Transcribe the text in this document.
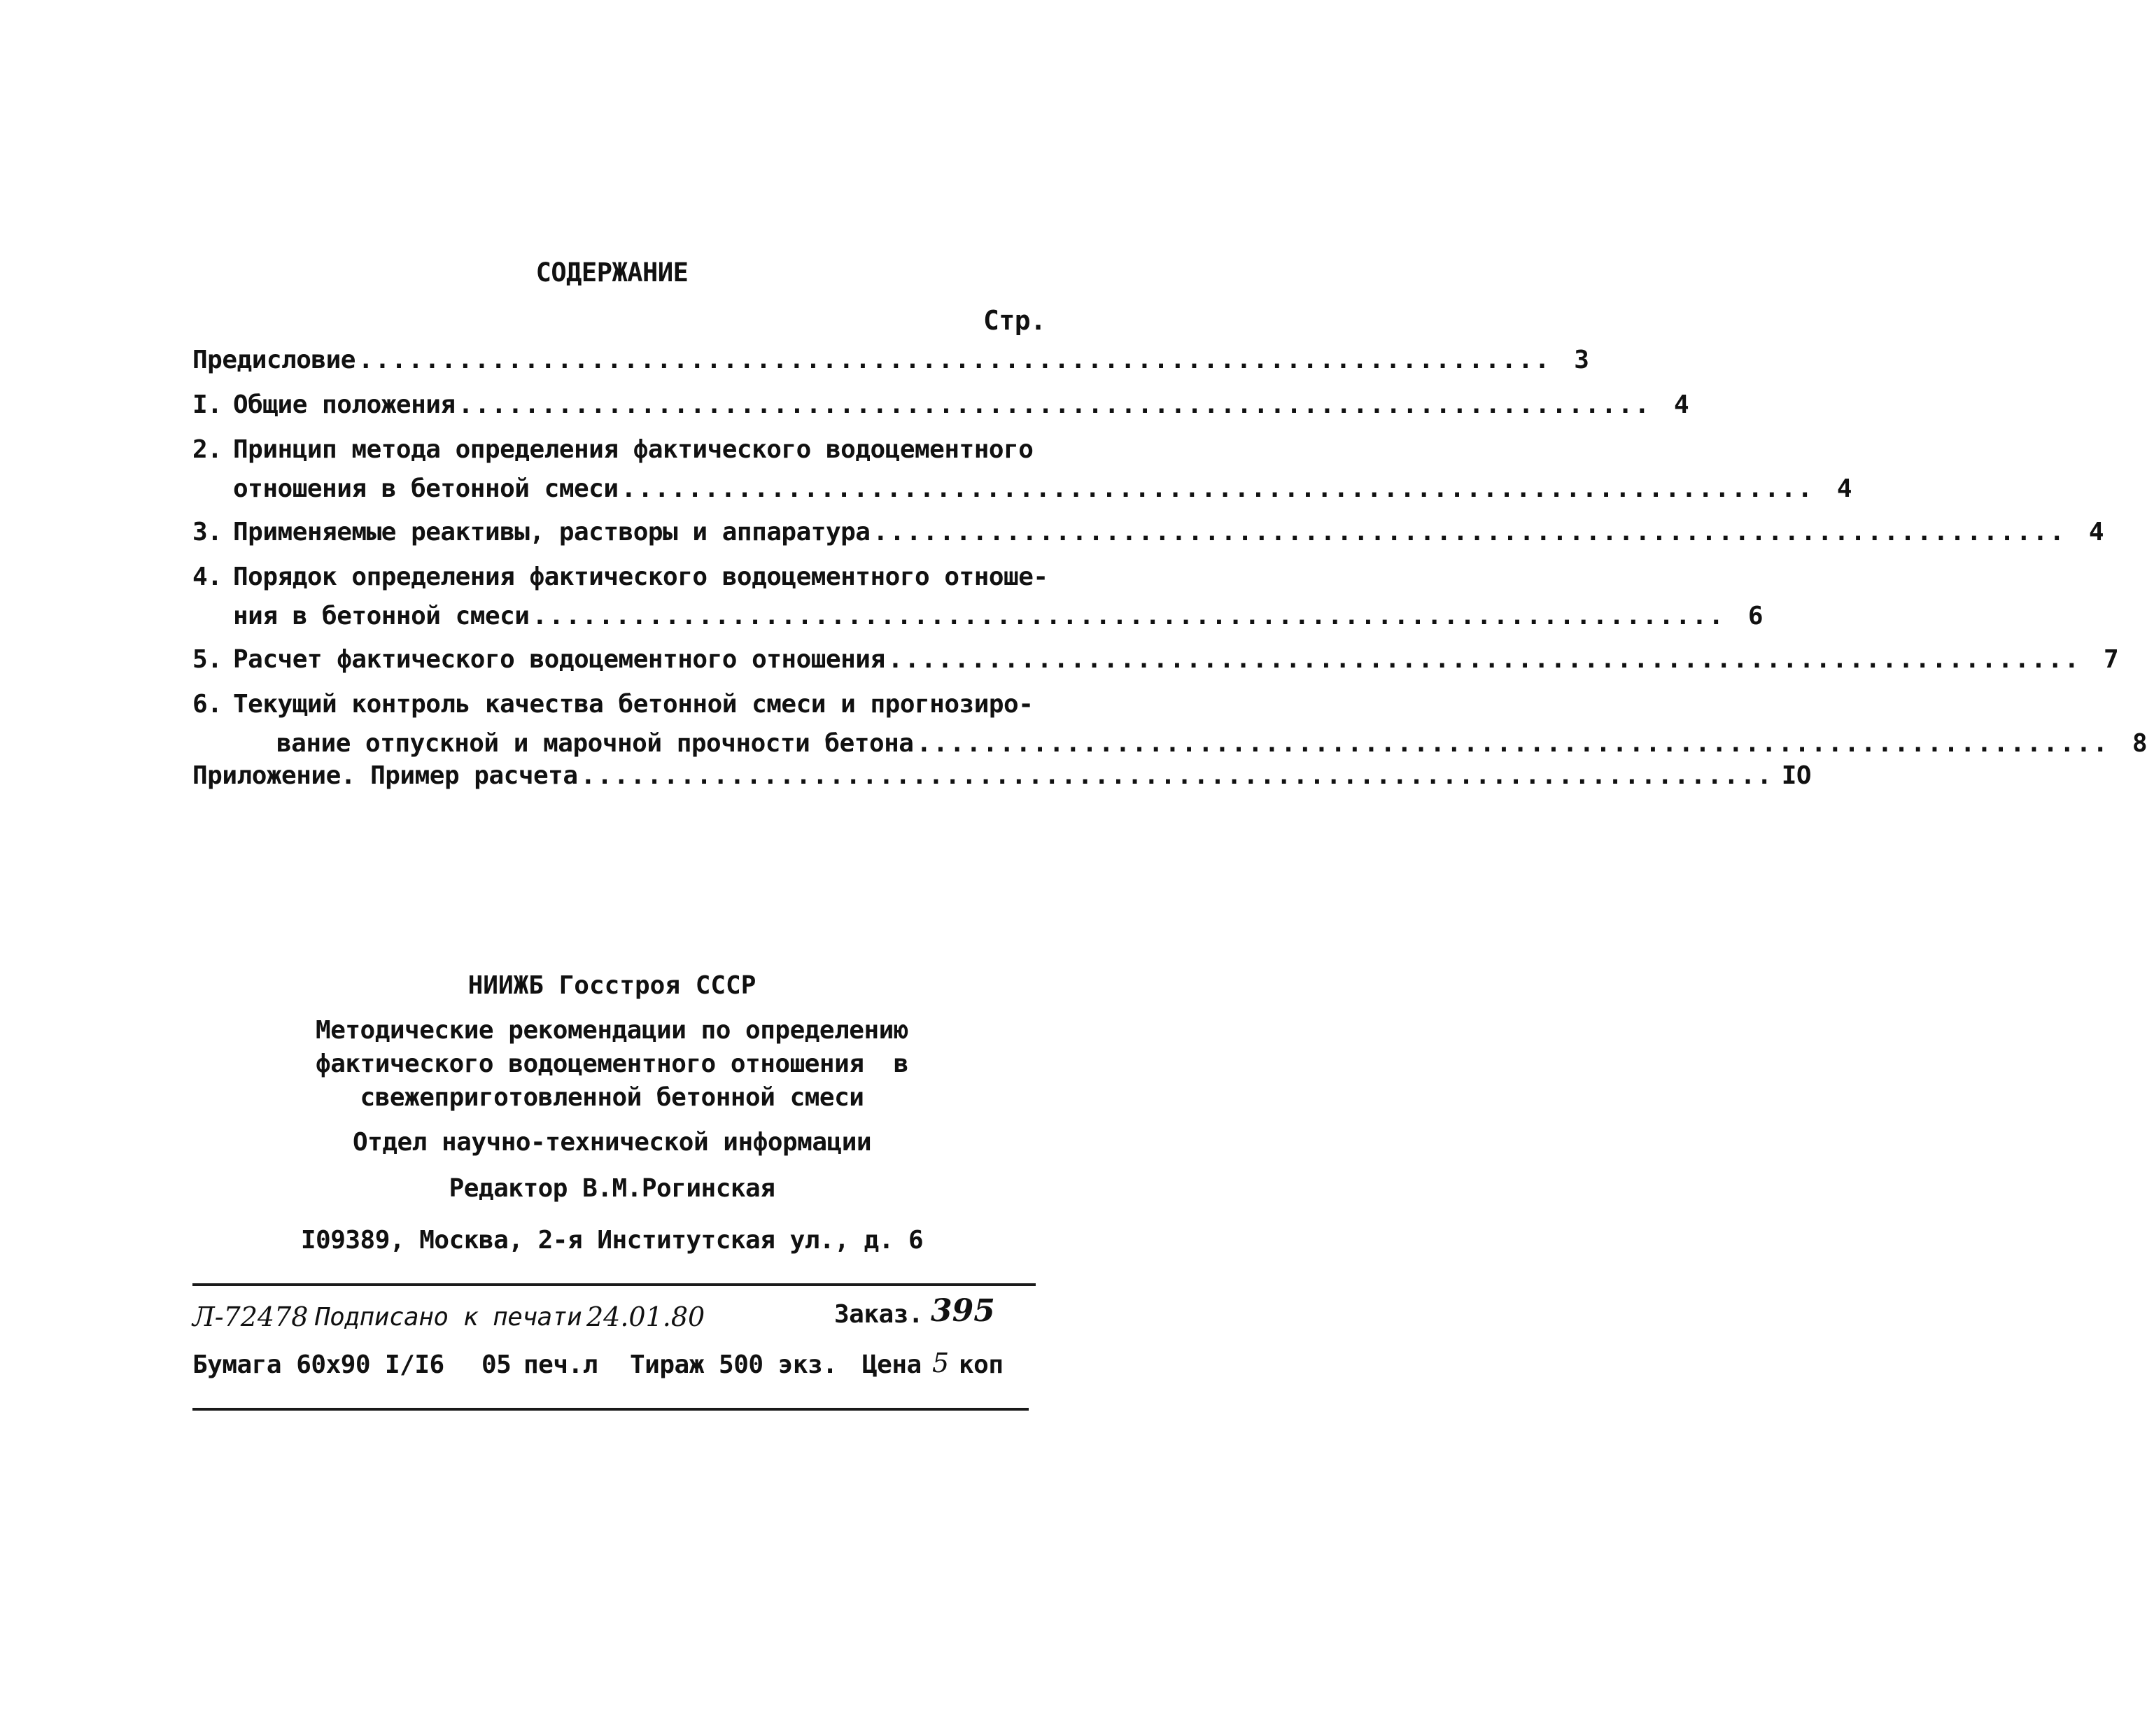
СОДЕРЖАНИЕ
Стр.
Предисловие ........................................................................ 3
I. Общие положения ........................................................................ 4
2. Принцип метода определения фактического водоцементного
отношения в бетонной смеси ........................................................................ 4
3. Применяемые реактивы, растворы и аппаратура ........................................................................ 4
4. Порядок определения фактического водоцементного отноше-
ния в бетонной смеси ........................................................................ 6
5. Расчет фактического водоцементного отношения ........................................................................ 7
6. Текущий контроль качества бетонной смеси и прогнозиро-
вание отпускной и марочной прочности бетона ........................................................................ 8
Приложение. Пример расчета ........................................................................ IO
НИИЖБ Госстроя СССР
Методические рекомендации по определению
фактического водоцементного отношения  в
свежеприготовленной бетонной смеси
Отдел научно-технической информации
Редактор В.М.Рогинская
I09389, Москва, 2-я Институтская ул., д. 6
Л-72478 Подписано к печати 24.01.80	Заказ. 395
Бумага 60х90 I/I6 05 печ.л Тираж 500 экз. Цена 5 коп
